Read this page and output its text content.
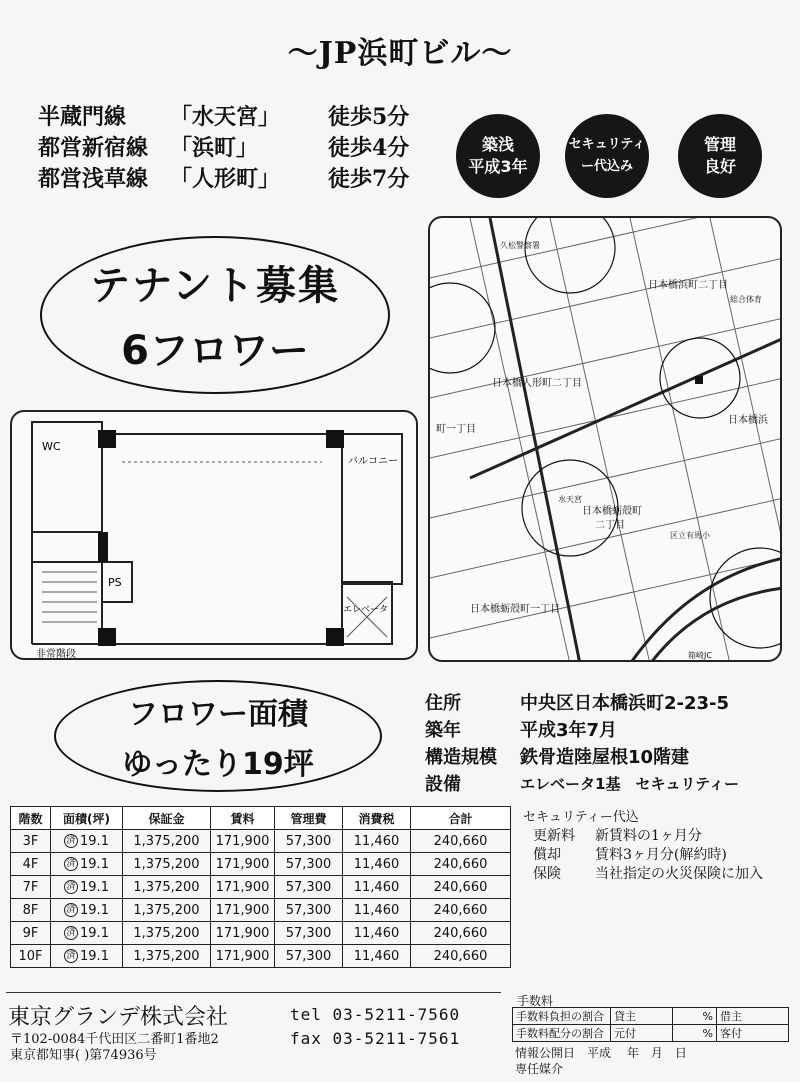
～JP浜町ビル～
半蔵門線	「水天宮」	徒歩5分
都営新宿線 「浜町」	徒歩4分
都営浅草線 「人形町」	徒歩7分
築浅
平成3年
セキュリティ
ー代込み
管理
良好
テナント募集
6フロワー
WC
バルコニー
PS
非常階段
エレベータ
日本橋浜町二丁目
日本橋人形町二丁目
町一丁目
日本橋蛎殻町
二丁目
日本橋蛎殻町一丁目
日本橋浜
区立有馬小
箱崎JC
久松警察署
総合体育
水天宮
フロワー面積
ゆったり19坪
住所	中央区日本橋浜町2-23-5
築年	平成3年7月
構造規模	鉄骨造陸屋根10階建
設備	エレベータ1基　セキュリティー
階数	面積(坪)	保証金	賃料	管理費	消費税	合計
3F	済 19.1	1,375,200	171,900	57,300	11,460	240,660
4F	済 19.1	1,375,200	171,900	57,300	11,460	240,660
7F	済 19.1	1,375,200	171,900	57,300	11,460	240,660
8F	済 19.1	1,375,200	171,900	57,300	11,460	240,660
9F	済 19.1	1,375,200	171,900	57,300	11,460	240,660
10F	済 19.1	1,375,200	171,900	57,300	11,460	240,660
セキュリティー代込
更新料	新賃料の1ヶ月分
償却	賃料3ヶ月分(解約時)
保険	当社指定の火災保険に加入
東京グランデ株式会社
〒102-0084千代田区二番町1番地2
東京都知事( )第74936号
tel 03-5211-7560
fax 03-5211-7561
手数料
手数料負担の割合	貸主	%	借主
手数料配分の割合	元付	%	客付
情報公開日　平成　 年　月　日
専任媒介
